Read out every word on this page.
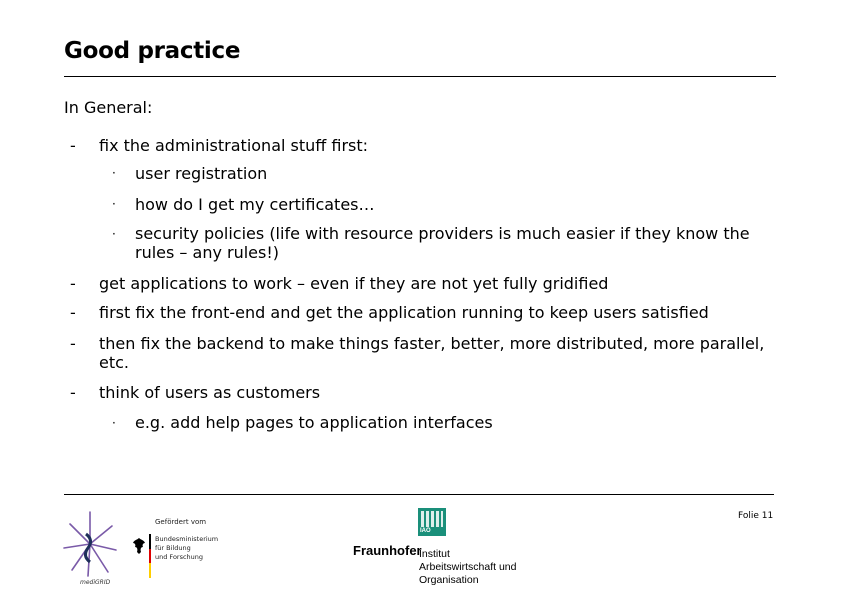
Good practice
In General:
- fix the administrational stuff first:
· user registration
· how do I get my certificates…
· security policies (life with resource providers is much easier if they know the
rules – any rules!)
- get applications to work – even if they are not yet fully gridified
- first fix the front-end and get the application running to keep users satisfied
- then fix the backend to make things faster, better, more distributed, more parallel,
etc.
- think of users as customers
· e.g. add help pages to application interfaces
Folie 11
mediGRID
Gefördert vom
Bundesministerium
für Bildung
und Forschung	Fraunhofer
IAO
Institut
Arbeitswirtschaft und
Organisation
